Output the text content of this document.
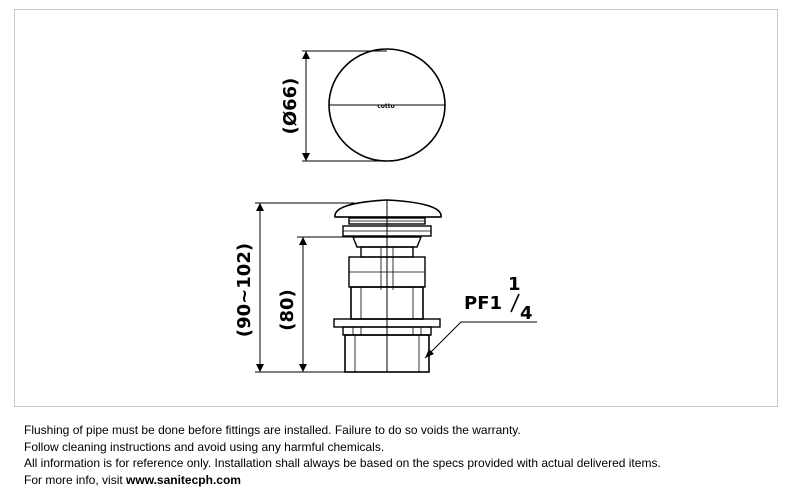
cotto
(Ø66)
(90~102) (80)	PF1
1
4

Flushing of pipe must be done before fittings are installed. Failure to do so voids the warranty.

Follow cleaning instructions and avoid using any harmful chemicals.

All information is for reference only. Installation shall always be based on the specs provided with actual delivered items.

For more info, visit www.sanitecph.com
